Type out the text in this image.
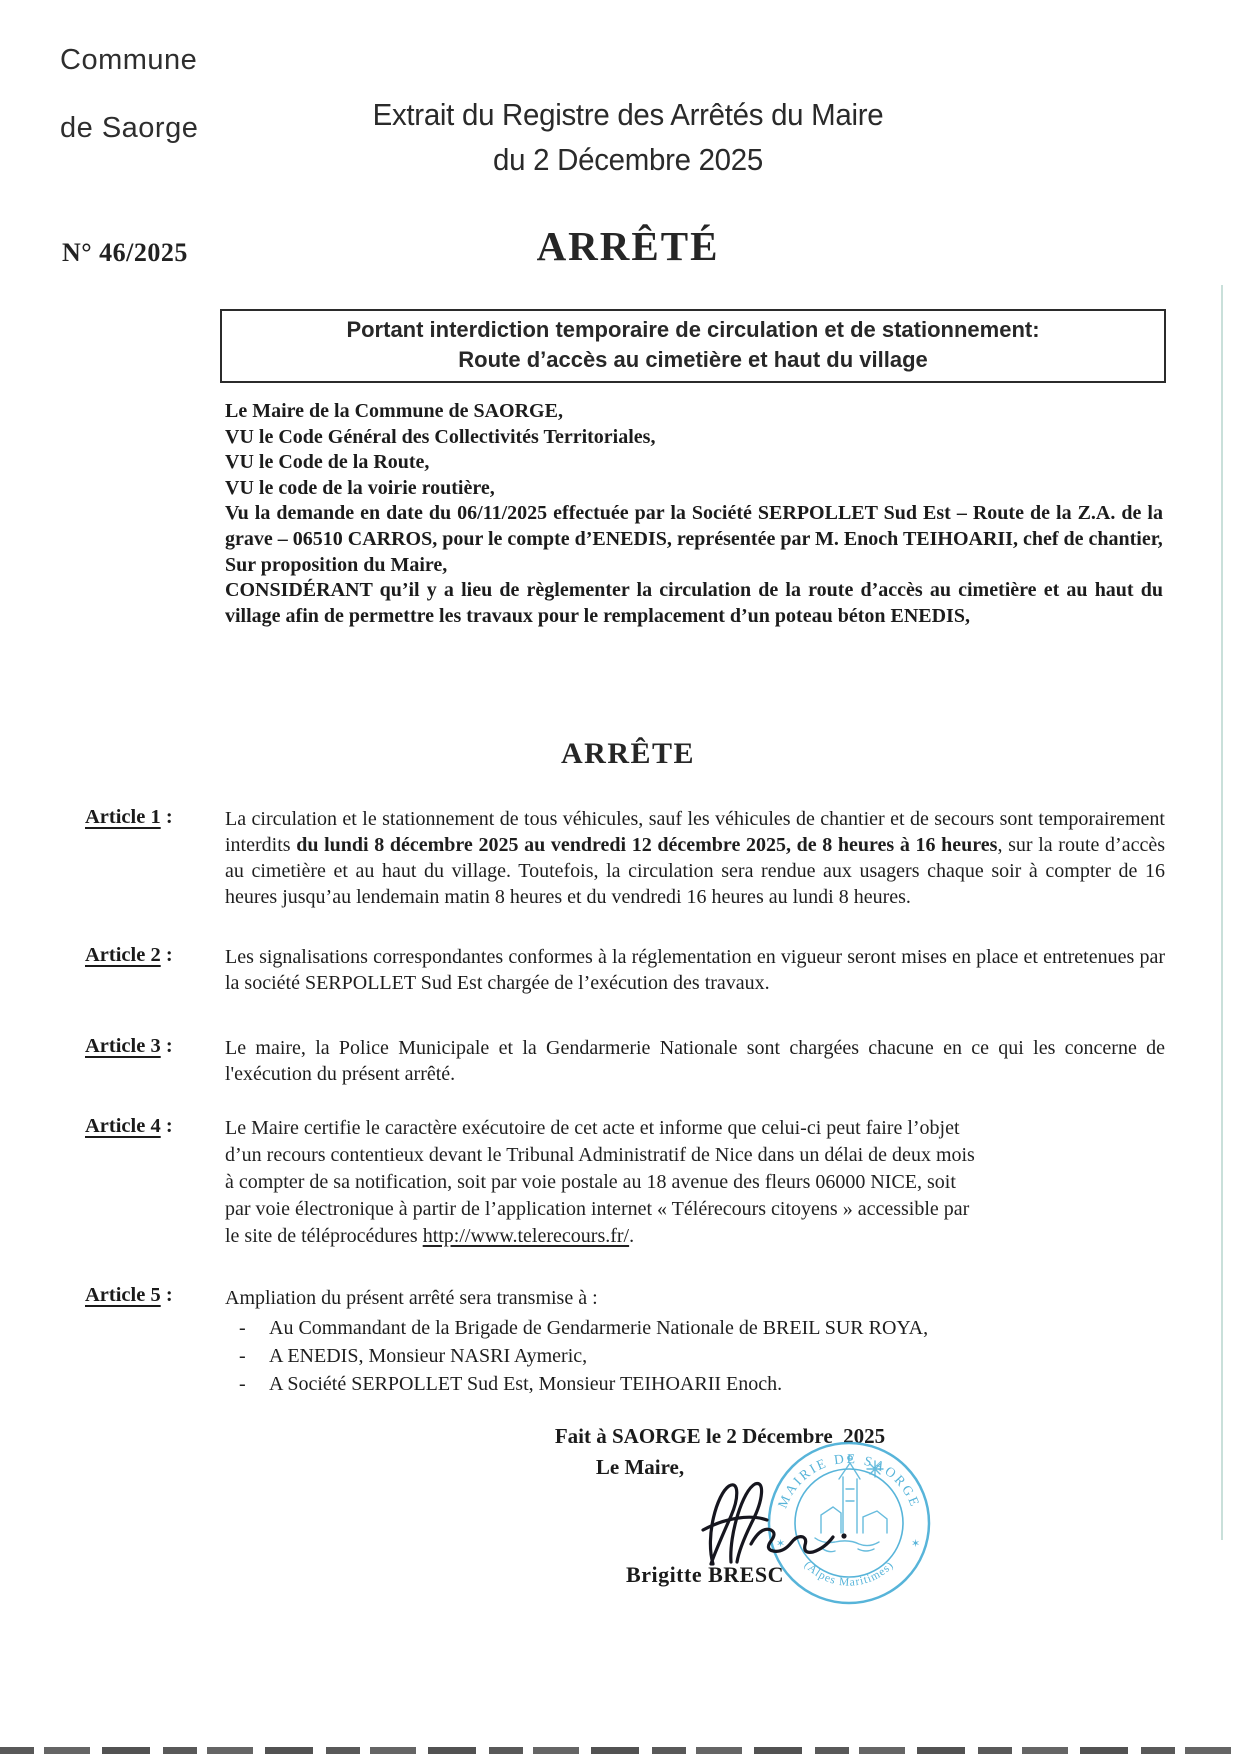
Commune
de Saorge	Extrait du Registre des Arrêtés du Maire
du 2 Décembre 2025
N° 46/2025	ARRÊTÉ
Portant interdiction temporaire de circulation et de stationnement:
Route d’accès au cimetière et haut du village

Le Maire de la Commune de SAORGE,

VU le Code Général des Collectivités Territoriales,

VU le Code de la Route,

VU le code de la voirie routière,

Vu la demande en date du 06/11/2025 effectuée par la Société SERPOLLET Sud Est – Route de la Z.A. de la grave – 06510 CARROS, pour le compte d’ENEDIS, représentée par M. Enoch TEIHOARII, chef de chantier,

Sur proposition du Maire,

CONSIDÉRANT qu’il y a lieu de règlementer la circulation de la route d’accès au cimetière et au haut du village afin de permettre les travaux pour le remplacement d’un poteau béton ENEDIS,

ARRÊTE
Article 1 :	La circulation et le stationnement de tous véhicules, sauf les véhicules de chantier et de secours sont temporairement interdits du lundi 8 décembre 2025 au vendredi 12 décembre 2025, de 8 heures à 16 heures, sur la route d’accès au cimetière et au haut du village. Toutefois, la circulation sera rendue aux usagers chaque soir à compter de 16 heures jusqu’au lendemain matin 8 heures et du vendredi 16 heures au lundi 8 heures.
Article 2 :	Les signalisations correspondantes conformes à la réglementation en vigueur seront mises en place et entretenues par la société SERPOLLET Sud Est chargée de l’exécution des travaux.
Article 3 :	Le maire, la Police Municipale et la Gendarmerie Nationale sont chargées chacune en ce qui les concerne de l'exécution du présent arrêté.
Article 4 :	Le Maire certifie le caractère exécutoire de cet acte et informe que celui-ci peut faire l’objet d’un recours contentieux devant le Tribunal Administratif de Nice dans un délai de deux mois à compter de sa notification, soit par voie postale au 18 avenue des fleurs 06000 NICE, soit par voie électronique à partir de l’application internet « Télérecours citoyens » accessible par le site de téléprocédures http://www.telerecours.fr/.
Article 5 :	Ampliation du présent arrêté sera transmise à :
- Au Commandant de la Brigade de Gendarmerie Nationale de BREIL SUR ROYA,
- A ENEDIS, Monsieur NASRI Aymeric,
- A Société SERPOLLET Sud Est, Monsieur TEIHOARII Enoch.
Fait à SAORGE le 2 Décembre  2025
Le Maire,
Brigitte BRESC
MAIRIE DE SAORGE
(Alpes Maritimes)
✶	✶
